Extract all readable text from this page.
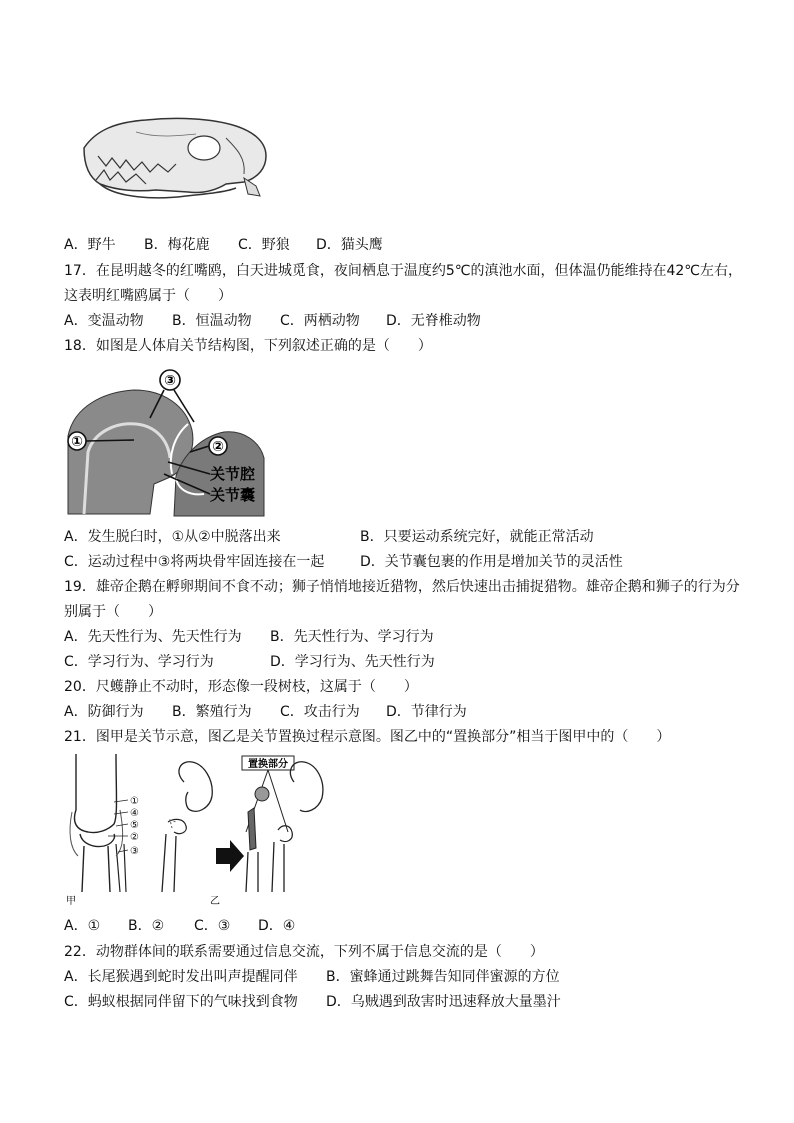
A．野牛 B．梅花鹿 C．野狼 D．猫头鹰
17．在昆明越冬的红嘴鸥，白天进城觅食，夜间栖息于温度约5℃的滇池水面，但体温仍能维持在42℃左右，
这表明红嘴鸥属于（　　）
A．变温动物 B．恒温动物 C．两栖动物 D．无脊椎动物
18．如图是人体肩关节结构图，下列叙述正确的是（　　）
③
①	②
关节腔
关节囊
A．发生脱臼时，①从②中脱落出来	B．只要运动系统完好，就能正常活动
C．运动过程中③将两块骨牢固连接在一起	D．关节囊包裹的作用是增加关节的灵活性
19．雄帝企鹅在孵卵期间不食不动；狮子悄悄地接近猎物，然后快速出击捕捉猎物。雄帝企鹅和狮子的行为分
别属于（　　）
A．先天性行为、先天性行为 B．先天性行为、学习行为
C．学习行为、学习行为	D．学习行为、先天性行为
20．尺蠖静止不动时，形态像一段树枝，这属于（　　）
A．防御行为 B．繁殖行为 C．攻击行为 D．节律行为
21．图甲是关节示意，图乙是关节置换过程示意图。图乙中的“置换部分”相当于图甲中的（　　）
①
④
⑤
②
③
甲
置换部分
乙
A．① B．② C．③ D．④
22．动物群体间的联系需要通过信息交流，下列不属于信息交流的是（　　）
A．长尾猴遇到蛇时发出叫声提醒同伴 B．蜜蜂通过跳舞告知同伴蜜源的方位
C．蚂蚁根据同伴留下的气味找到食物 D．乌贼遇到敌害时迅速释放大量墨汁
